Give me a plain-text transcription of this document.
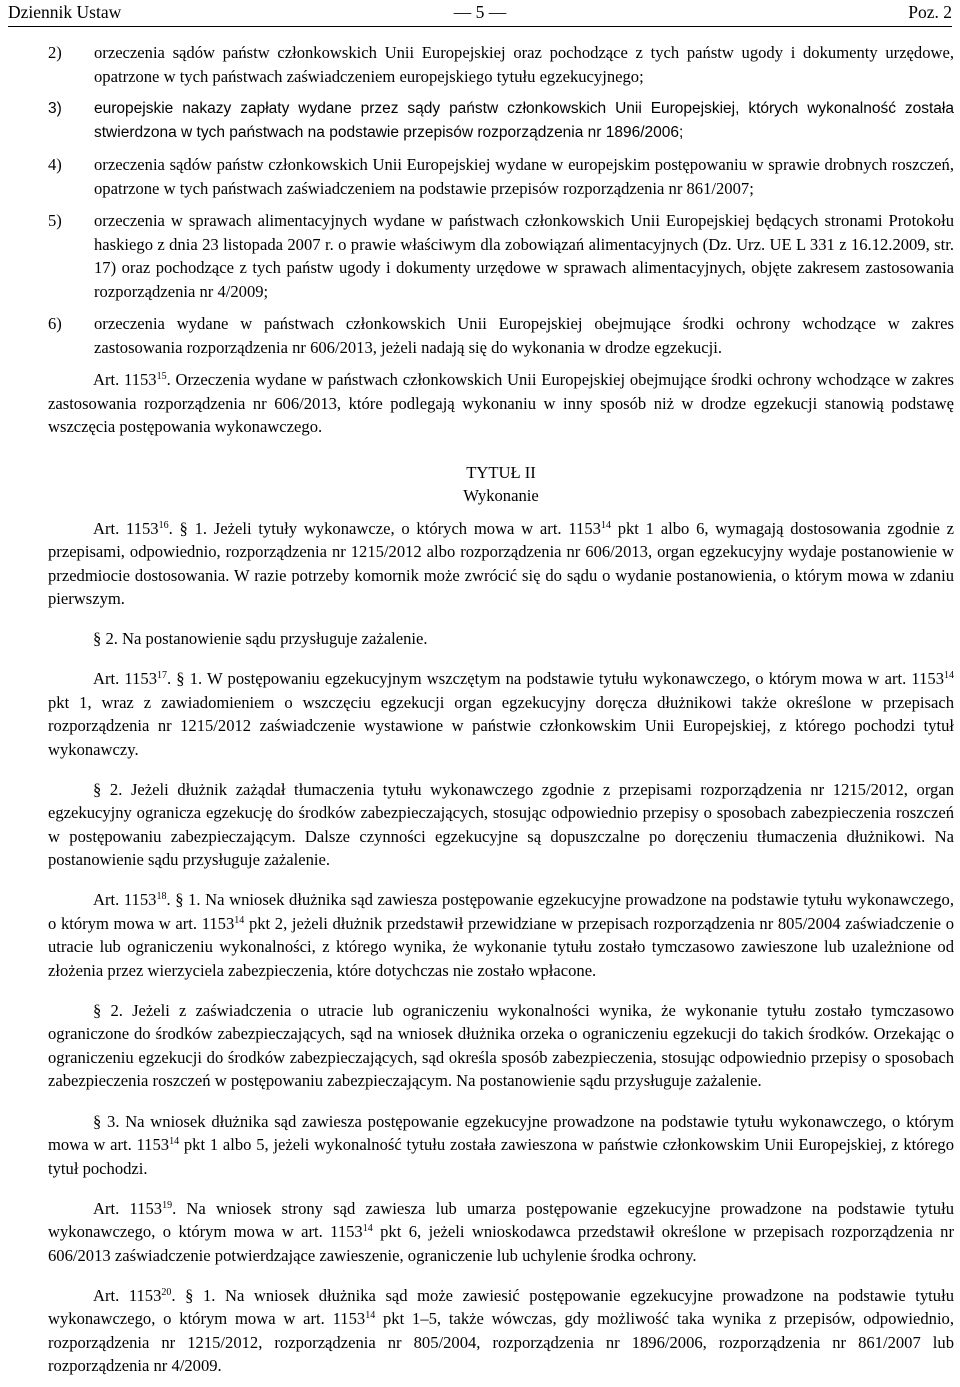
Dziennik Ustaw	— 5 —	Poz. 2
2)	orzeczenia sądów państw członkowskich Unii Europejskiej oraz pochodzące z tych państw ugody i dokumenty urzędowe, opatrzone w tych państwach zaświadczeniem europejskiego tytułu egzekucyjnego;
3)	europejskie nakazy zapłaty wydane przez sądy państw członkowskich Unii Europejskiej, których wykonalność została stwierdzona w tych państwach na podstawie przepisów rozporządzenia nr 1896/2006;
4)	orzeczenia sądów państw członkowskich Unii Europejskiej wydane w europejskim postępowaniu w sprawie drobnych roszczeń, opatrzone w tych państwach zaświadczeniem na podstawie przepisów rozporządzenia nr 861/2007;
5)	orzeczenia w sprawach alimentacyjnych wydane w państwach członkowskich Unii Europejskiej będących stronami Protokołu haskiego z dnia 23 listopada 2007 r. o prawie właściwym dla zobowiązań alimentacyjnych (Dz. Urz. UE L 331 z 16.12.2009, str. 17) oraz pochodzące z tych państw ugody i dokumenty urzędowe w sprawach alimentacyjnych, objęte zakresem zastosowania rozporządzenia nr 4/2009;
6)	orzeczenia wydane w państwach członkowskich Unii Europejskiej obejmujące środki ochrony wchodzące w zakres zastosowania rozporządzenia nr 606/2013, jeżeli nadają się do wykonania w drodze egzekucji.

Art. 1153$^{15}$. Orzeczenia wydane w państwach członkowskich Unii Europejskiej obejmujące środki ochrony wchodzące w zakres zastosowania rozporządzenia nr 606/2013, które podlegają wykonaniu w inny sposób niż w drodze egzekucji stanowią podstawę wszczęcia postępowania wykonawczego.

TYTUŁ II
Wykonanie

Art. 1153$^{16}$. § 1. Jeżeli tytuły wykonawcze, o których mowa w art. 1153$^{14}$ pkt 1 albo 6, wymagają dostosowania zgodnie z przepisami, odpowiednio, rozporządzenia nr 1215/2012 albo rozporządzenia nr 606/2013, organ egzekucyjny wydaje postanowienie w przedmiocie dostosowania. W razie potrzeby komornik może zwrócić się do sądu o wydanie postanowienia, o którym mowa w zdaniu pierwszym.

§ 2. Na postanowienie sądu przysługuje zażalenie.

Art. 1153$^{17}$. § 1. W postępowaniu egzekucyjnym wszczętym na podstawie tytułu wykonawczego, o którym mowa w art. 1153$^{14}$ pkt 1, wraz z zawiadomieniem o wszczęciu egzekucji organ egzekucyjny doręcza dłużnikowi także określone w przepisach rozporządzenia nr 1215/2012 zaświadczenie wystawione w państwie członkowskim Unii Europejskiej, z którego pochodzi tytuł wykonawczy.

§ 2. Jeżeli dłużnik zażądał tłumaczenia tytułu wykonawczego zgodnie z przepisami rozporządzenia nr 1215/2012, organ egzekucyjny ogranicza egzekucję do środków zabezpieczających, stosując odpowiednio przepisy o sposobach zabezpieczenia roszczeń w postępowaniu zabezpieczającym. Dalsze czynności egzekucyjne są dopuszczalne po doręczeniu tłumaczenia dłużnikowi. Na postanowienie sądu przysługuje zażalenie.

Art. 1153$^{18}$. § 1. Na wniosek dłużnika sąd zawiesza postępowanie egzekucyjne prowadzone na podstawie tytułu wykonawczego, o którym mowa w art. 1153$^{14}$ pkt 2, jeżeli dłużnik przedstawił przewidziane w przepisach rozporządzenia nr 805/2004 zaświadczenie o utracie lub ograniczeniu wykonalności, z którego wynika, że wykonanie tytułu zostało tymczasowo zawieszone lub uzależnione od złożenia przez wierzyciela zabezpieczenia, które dotychczas nie zostało wpłacone.

§ 2. Jeżeli z zaświadczenia o utracie lub ograniczeniu wykonalności wynika, że wykonanie tytułu zostało tymczasowo ograniczone do środków zabezpieczających, sąd na wniosek dłużnika orzeka o ograniczeniu egzekucji do takich środków. Orzekając o ograniczeniu egzekucji do środków zabezpieczających, sąd określa sposób zabezpieczenia, stosując odpowiednio przepisy o sposobach zabezpieczenia roszczeń w postępowaniu zabezpieczającym. Na postanowienie sądu przysługuje zażalenie.

§ 3. Na wniosek dłużnika sąd zawiesza postępowanie egzekucyjne prowadzone na podstawie tytułu wykonawczego, o którym mowa w art. 1153$^{14}$ pkt 1 albo 5, jeżeli wykonalność tytułu została zawieszona w państwie członkowskim Unii Europejskiej, z którego tytuł pochodzi.

Art. 1153$^{19}$. Na wniosek strony sąd zawiesza lub umarza postępowanie egzekucyjne prowadzone na podstawie tytułu wykonawczego, o którym mowa w art. 1153$^{14}$ pkt 6, jeżeli wnioskodawca przedstawił określone w przepisach rozporządzenia nr 606/2013 zaświadczenie potwierdzające zawieszenie, ograniczenie lub uchylenie środka ochrony.

Art. 1153$^{20}$. § 1. Na wniosek dłużnika sąd może zawiesić postępowanie egzekucyjne prowadzone na podstawie tytułu wykonawczego, o którym mowa w art. 1153$^{14}$ pkt 1–5, także wówczas, gdy możliwość taka wynika z przepisów, odpowiednio, rozporządzenia nr 1215/2012, rozporządzenia nr 805/2004, rozporządzenia nr 1896/2006, rozporządzenia nr 861/2007 lub rozporządzenia nr 4/2009.
